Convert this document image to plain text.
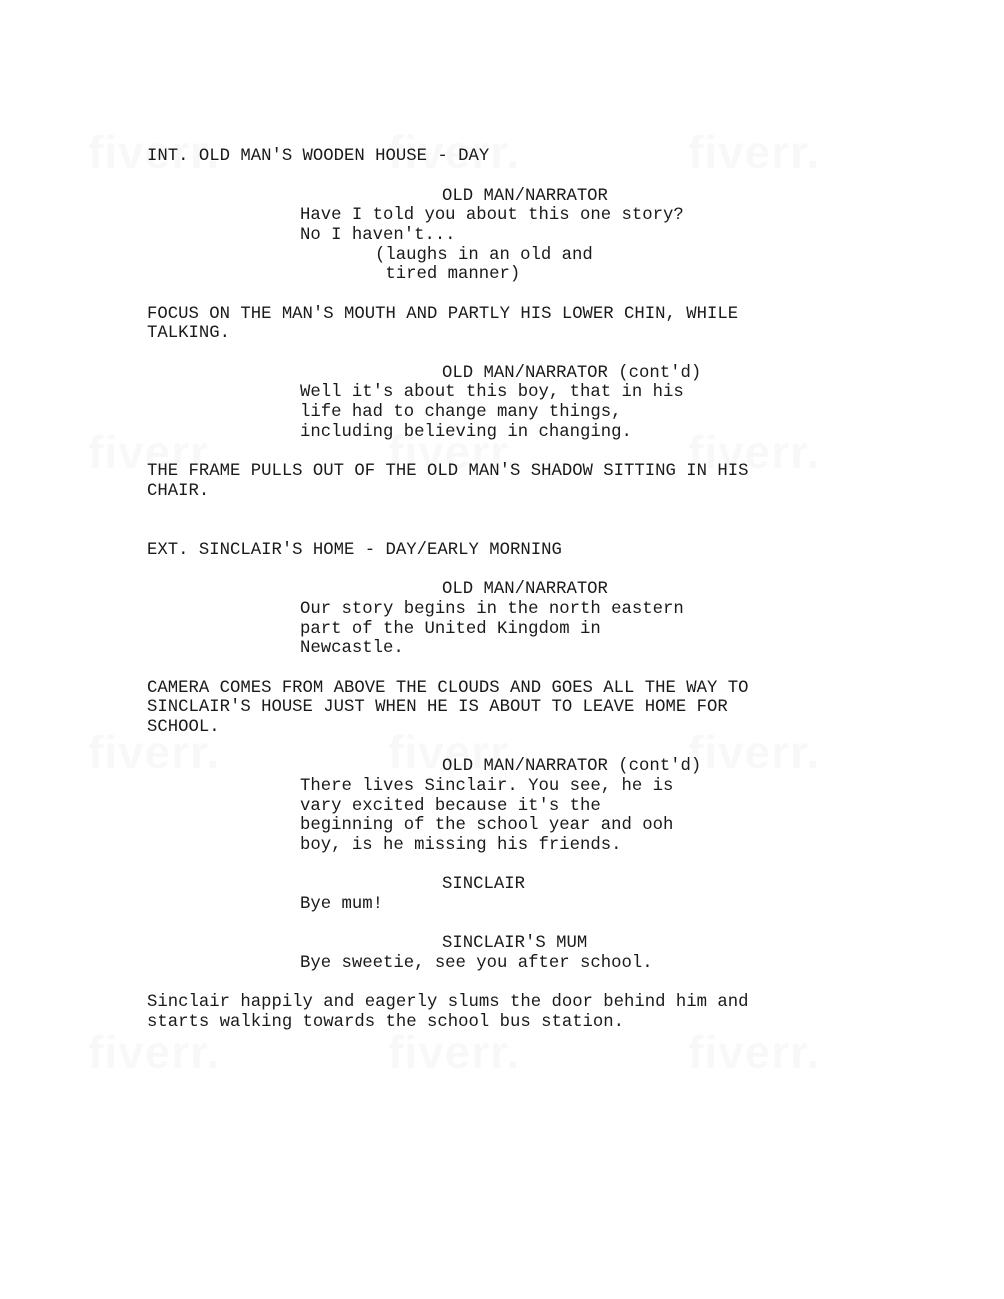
INT. OLD MAN'S WOODEN HOUSE - DAY

OLD MAN/NARRATOR

Have I told you about this one story?

No I haven't...

(laughs in an old and

tired manner)

FOCUS ON THE MAN'S MOUTH AND PARTLY HIS LOWER CHIN, WHILE

TALKING.

OLD MAN/NARRATOR (cont'd)

Well it's about this boy, that in his

life had to change many things,

including believing in changing.

THE FRAME PULLS OUT OF THE OLD MAN'S SHADOW SITTING IN HIS

CHAIR.

EXT. SINCLAIR'S HOME - DAY/EARLY MORNING

OLD MAN/NARRATOR

Our story begins in the north eastern

part of the United Kingdom in

Newcastle.

CAMERA COMES FROM ABOVE THE CLOUDS AND GOES ALL THE WAY TO

SINCLAIR'S HOUSE JUST WHEN HE IS ABOUT TO LEAVE HOME FOR

SCHOOL.

OLD MAN/NARRATOR (cont'd)

There lives Sinclair. You see, he is

vary excited because it's the

beginning of the school year and ooh

boy, is he missing his friends.

SINCLAIR

Bye mum!

SINCLAIR'S MUM

Bye sweetie, see you after school.

Sinclair happily and eagerly slums the door behind him and

starts walking towards the school bus station.
